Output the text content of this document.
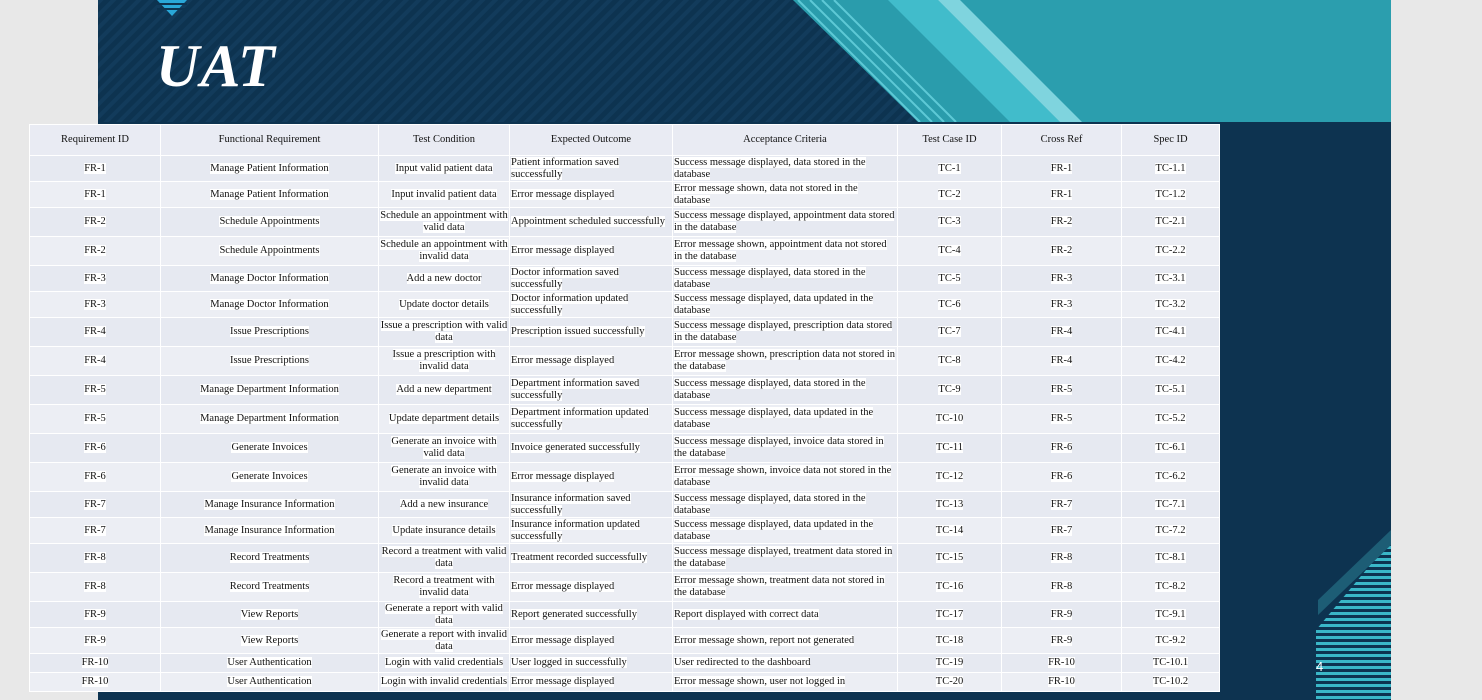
UAT
4
Requirement ID	Functional Requirement	Test Condition	Expected Outcome	Acceptance Criteria	Test Case ID	Cross Ref	Spec ID
FR-1	Manage Patient Information	Input valid patient data	Patient information saved successfully	Success message displayed, data stored in the database	TC-1	FR-1	TC-1.1
FR-1	Manage Patient Information	Input invalid patient data	Error message displayed	Error message shown, data not stored in the database	TC-2	FR-1	TC-1.2
FR-2	Schedule Appointments	Schedule an appointment with valid data	Appointment scheduled successfully	Success message displayed, appointment data stored in the database	TC-3	FR-2	TC-2.1
FR-2	Schedule Appointments	Schedule an appointment with invalid data	Error message displayed	Error message shown, appointment data not stored in the database	TC-4	FR-2	TC-2.2
FR-3	Manage Doctor Information	Add a new doctor	Doctor information saved successfully	Success message displayed, data stored in the database	TC-5	FR-3	TC-3.1
FR-3	Manage Doctor Information	Update doctor details	Doctor information updated successfully	Success message displayed, data updated in the database	TC-6	FR-3	TC-3.2
FR-4	Issue Prescriptions	Issue a prescription with valid data	Prescription issued successfully	Success message displayed, prescription data stored in the database	TC-7	FR-4	TC-4.1
FR-4	Issue Prescriptions	Issue a prescription with invalid data	Error message displayed	Error message shown, prescription data not stored in the database	TC-8	FR-4	TC-4.2
FR-5	Manage Department Information	Add a new department	Department information saved successfully	Success message displayed, data stored in the database	TC-9	FR-5	TC-5.1
FR-5	Manage Department Information	Update department details	Department information updated successfully	Success message displayed, data updated in the database	TC-10	FR-5	TC-5.2
FR-6	Generate Invoices	Generate an invoice with valid data	Invoice generated successfully	Success message displayed, invoice data stored in the database	TC-11	FR-6	TC-6.1
FR-6	Generate Invoices	Generate an invoice with invalid data	Error message displayed	Error message shown, invoice data not stored in the database	TC-12	FR-6	TC-6.2
FR-7	Manage Insurance Information	Add a new insurance	Insurance information saved successfully	Success message displayed, data stored in the database	TC-13	FR-7	TC-7.1
FR-7	Manage Insurance Information	Update insurance details	Insurance information updated successfully	Success message displayed, data updated in the database	TC-14	FR-7	TC-7.2
FR-8	Record Treatments	Record a treatment with valid data	Treatment recorded successfully	Success message displayed, treatment data stored in the database	TC-15	FR-8	TC-8.1
FR-8	Record Treatments	Record a treatment with invalid data	Error message displayed	Error message shown, treatment data not stored in the database	TC-16	FR-8	TC-8.2
FR-9	View Reports	Generate a report with valid data	Report generated successfully	Report displayed with correct data	TC-17	FR-9	TC-9.1
FR-9	View Reports	Generate a report with invalid data	Error message displayed	Error message shown, report not generated	TC-18	FR-9	TC-9.2
FR-10	User Authentication	Login with valid credentials	User logged in successfully	User redirected to the dashboard	TC-19	FR-10	TC-10.1
FR-10	User Authentication	Login with invalid credentials	Error message displayed	Error message shown, user not logged in	TC-20	FR-10	TC-10.2
